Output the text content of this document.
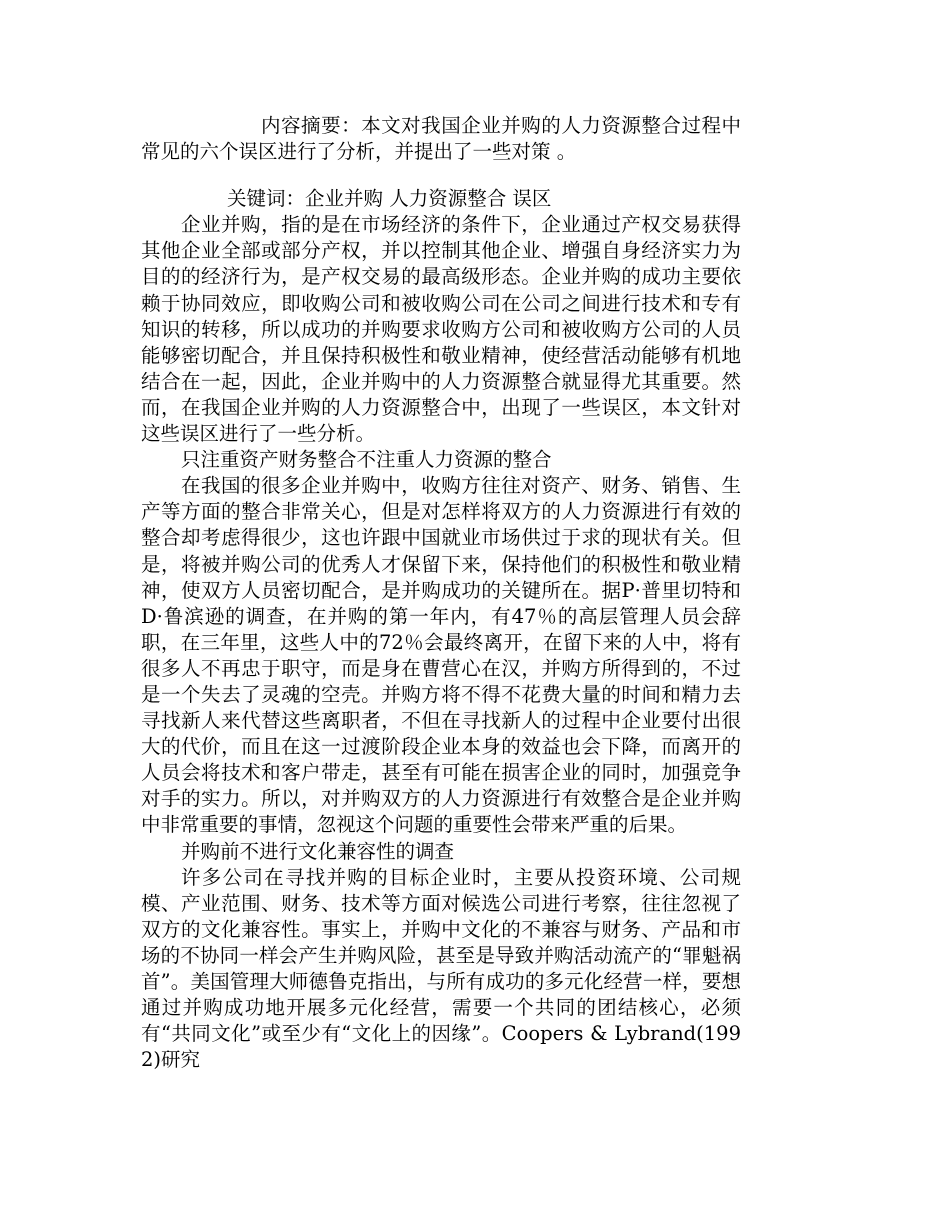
内容摘要：本文对我国企业并购的人力资源整合过程中常见的六个误区进行了分析，并提出了一些对策 。

关键词：企业并购 人力资源整合 误区

企业并购，指的是在市场经济的条件下，企业通过产权交易获得其他企业全部或部分产权，并以控制其他企业、增强自身经济实力为目的的经济行为，是产权交易的最高级形态。企业并购的成功主要依赖于协同效应，即收购公司和被收购公司在公司之间进行技术和专有知识的转移，所以成功的并购要求收购方公司和被收购方公司的人员能够密切配合，并且保持积极性和敬业精神，使经营活动能够有机地结合在一起，因此，企业并购中的人力资源整合就显得尤其重要。然而，在我国企业并购的人力资源整合中，出现了一些误区，本文针对这些误区进行了一些分析。

只注重资产财务整合不注重人力资源的整合

在我国的很多企业并购中，收购方往往对资产、财务、销售、生产等方面的整合非常关心，但是对怎样将双方的人力资源进行有效的整合却考虑得很少，这也许跟中国就业市场供过于求的现状有关。但是，将被并购公司的优秀人才保留下来，保持他们的积极性和敬业精神，使双方人员密切配合，是并购成功的关键所在。据P·普里切特和D·鲁滨逊的调查，在并购的第一年内，有47％的高层管理人员会辞职，在三年里，这些人中的72％会最终离开，在留下来的人中，将有很多人不再忠于职守，而是身在曹营心在汉，并购方所得到的，不过是一个失去了灵魂的空壳。并购方将不得不花费大量的时间和精力去寻找新人来代替这些离职者，不但在寻找新人的过程中企业要付出很大的代价，而且在这一过渡阶段企业本身的效益也会下降，而离开的人员会将技术和客户带走，甚至有可能在损害企业的同时，加强竞争对手的实力。所以，对并购双方的人力资源进行有效整合是企业并购中非常重要的事情，忽视这个问题的重要性会带来严重的后果。

并购前不进行文化兼容性的调查

许多公司在寻找并购的目标企业时，主要从投资环境、公司规模、产业范围、财务、技术等方面对候选公司进行考察，往往忽视了双方的文化兼容性。事实上，并购中文化的不兼容与财务、产品和市场的不协同一样会产生并购风险，甚至是导致并购活动流产的“罪魁祸首”。美国管理大师德鲁克指出，与所有成功的多元化经营一样，要想通过并购成功地开展多元化经营，需要一个共同的团结核心，必须有“共同文化”或至少有“文化上的因缘”。Coopers & Lybrand(1992)研究
